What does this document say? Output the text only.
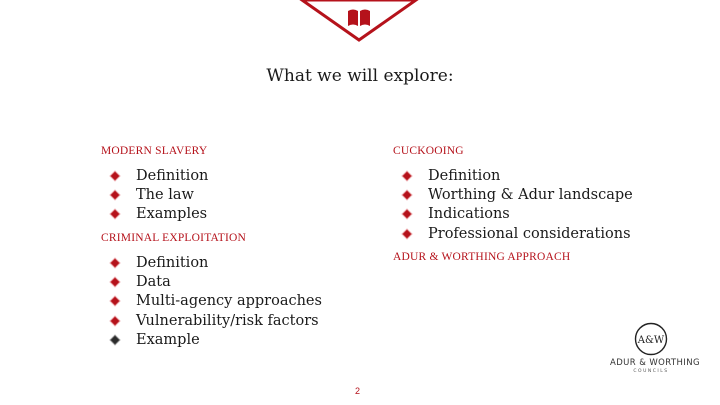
What we will explore:
MODERN SLAVERY
Definition
The law
Examples
CRIMINAL EXPLOITATION
Definition
Data
Multi-agency approaches
Vulnerability/risk factors
Example
CUCKOOING
Definition
Worthing & Adur landscape
Indications
Professional considerations
ADUR & WORTHING APPROACH
2
A&W
ADUR & WORTHING
COUNCILS
